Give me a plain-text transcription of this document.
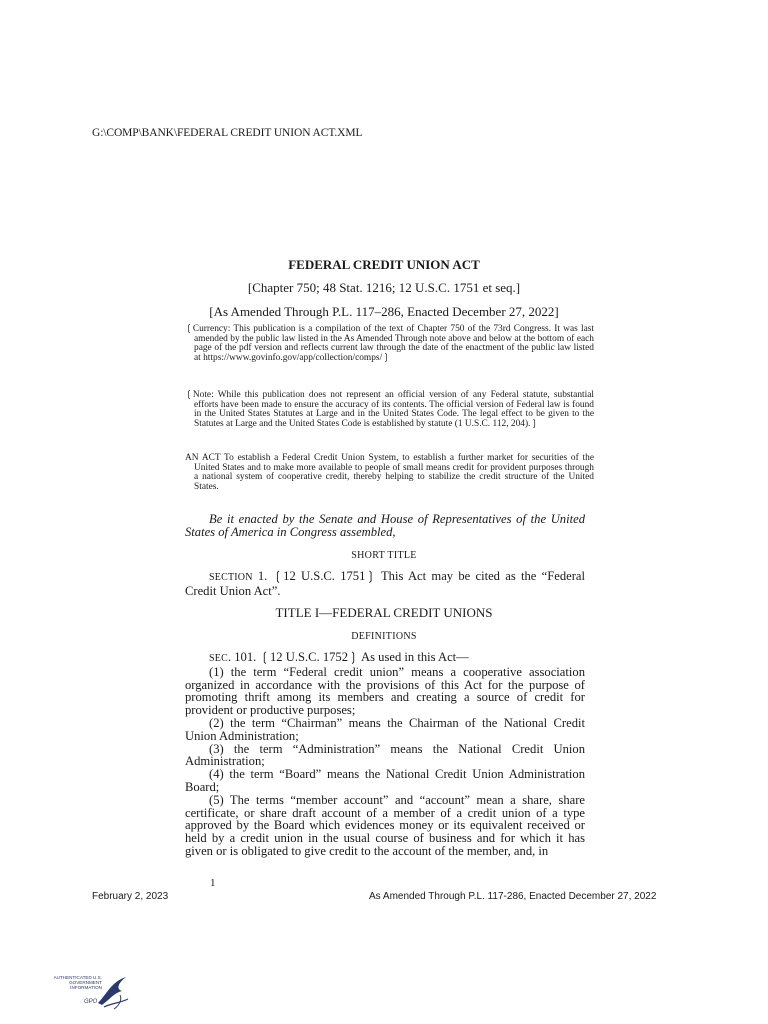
G:\COMP\BANK\FEDERAL CREDIT UNION ACT.XML
FEDERAL CREDIT UNION ACT
[Chapter 750; 48 Stat. 1216; 12 U.S.C. 1751 et seq.]
[As Amended Through P.L. 117–286, Enacted December 27, 2022]
❲Currency: This publication is a compilation of the text of Chapter 750 of the 73rd Congress. It was last amended by the public law listed in the As Amended Through note above and below at the bottom of each page of the pdf version and reflects current law through the date of the enactment of the public law listed at https://www.govinfo.gov/app/collection/comps/❳
❲Note: While this publication does not represent an official version of any Federal statute, substantial efforts have been made to ensure the accuracy of its contents. The official version of Federal law is found in the United States Statutes at Large and in the United States Code. The legal effect to be given to the Statutes at Large and the United States Code is established by statute (1 U.S.C. 112, 204).❳
AN ACT To establish a Federal Credit Union System, to establish a further market for securities of the United States and to make more available to people of small means credit for provident purposes through a national system of cooperative credit, thereby helping to stabilize the credit structure of the United States.
Be it enacted by the Senate and House of Representatives of the United States of America in Congress assembled,
SHORT TITLE
SECTION 1. ❲12 U.S.C. 1751❳ This Act may be cited as the “Federal Credit Union Act”.
TITLE I—FEDERAL CREDIT UNIONS
DEFINITIONS

SEC. 101. ❲12 U.S.C. 1752❳ As used in this Act—

(1) the term “Federal credit union” means a cooperative association organized in accordance with the provisions of this Act for the purpose of promoting thrift among its members and creating a source of credit for provident or productive purposes;

(2) the term “Chairman” means the Chairman of the National Credit Union Administration;

(3) the term “Administration” means the National Credit Union Administration;

(4) the term “Board” means the National Credit Union Administration Board;

(5) The terms “member account” and “account” mean a share, share certificate, or share draft account of a member of a credit union of a type approved by the Board which evidences money or its equivalent received or held by a credit union in the usual course of business and for which it has given or is obligated to give credit to the account of the member, and, in

1
February 2, 2023	As Amended Through P.L. 117-286, Enacted December 27, 2022
AUTHENTICATED U.S. GOVERNMENT INFORMATION
GPO
